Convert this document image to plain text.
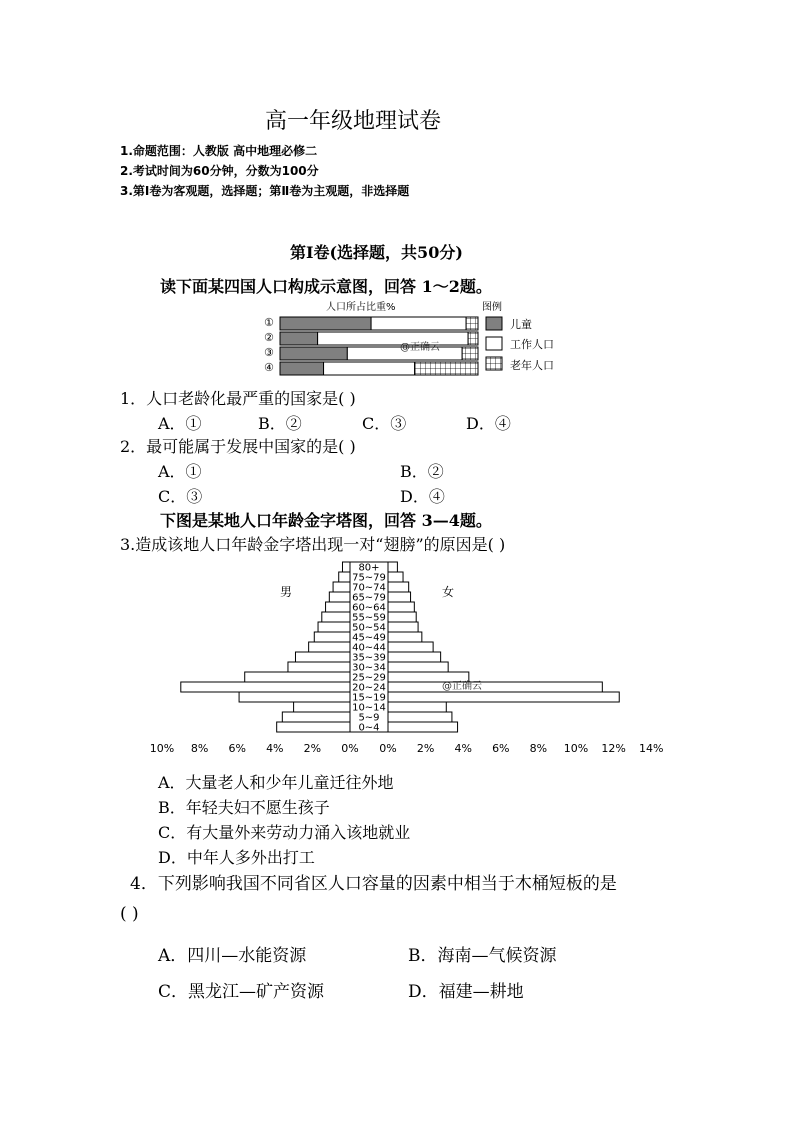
高一年级地理试卷
1.命题范围：人教版 高中地理必修二
2.考试时间为60分钟，分数为100分
3.第Ⅰ卷为客观题，选择题；第Ⅱ卷为主观题，非选择题
第Ⅰ卷(选择题，共50分)
读下面某四国人口构成示意图，回答 1～2题。
人口所占比重%	图例
①
②
③
④
@正确云
儿童
工作人口
老年人口
1．人口老龄化最严重的国家是( )
A．①	B．②	C．③	D．④
2．最可能属于发展中国家的是( )
A．①	B．②
C．③	D．④
下图是某地人口年龄金字塔图，回答 3—4题。
3.造成该地人口年龄金字塔出现一对“翅膀”的原因是( )
男	女
80+
75~79
70~74
65~79
60~64
55~59
50~54
45~49
40~44
35~39
30~34
25~29
20~24
15~19
10~14
5~9
0~4
@正确云
10% 8% 6% 4% 2% 0% 0% 2% 4% 6% 8% 10% 12% 14%
A．大量老人和少年儿童迁往外地
B．年轻夫妇不愿生孩子
C．有大量外来劳动力涌入该地就业
D．中年人多外出打工
4．下列影响我国不同省区人口容量的因素中相当于木桶短板的是
( )
A．四川—水能资源	B．海南—气候资源
C．黑龙江—矿产资源	D．福建—耕地
